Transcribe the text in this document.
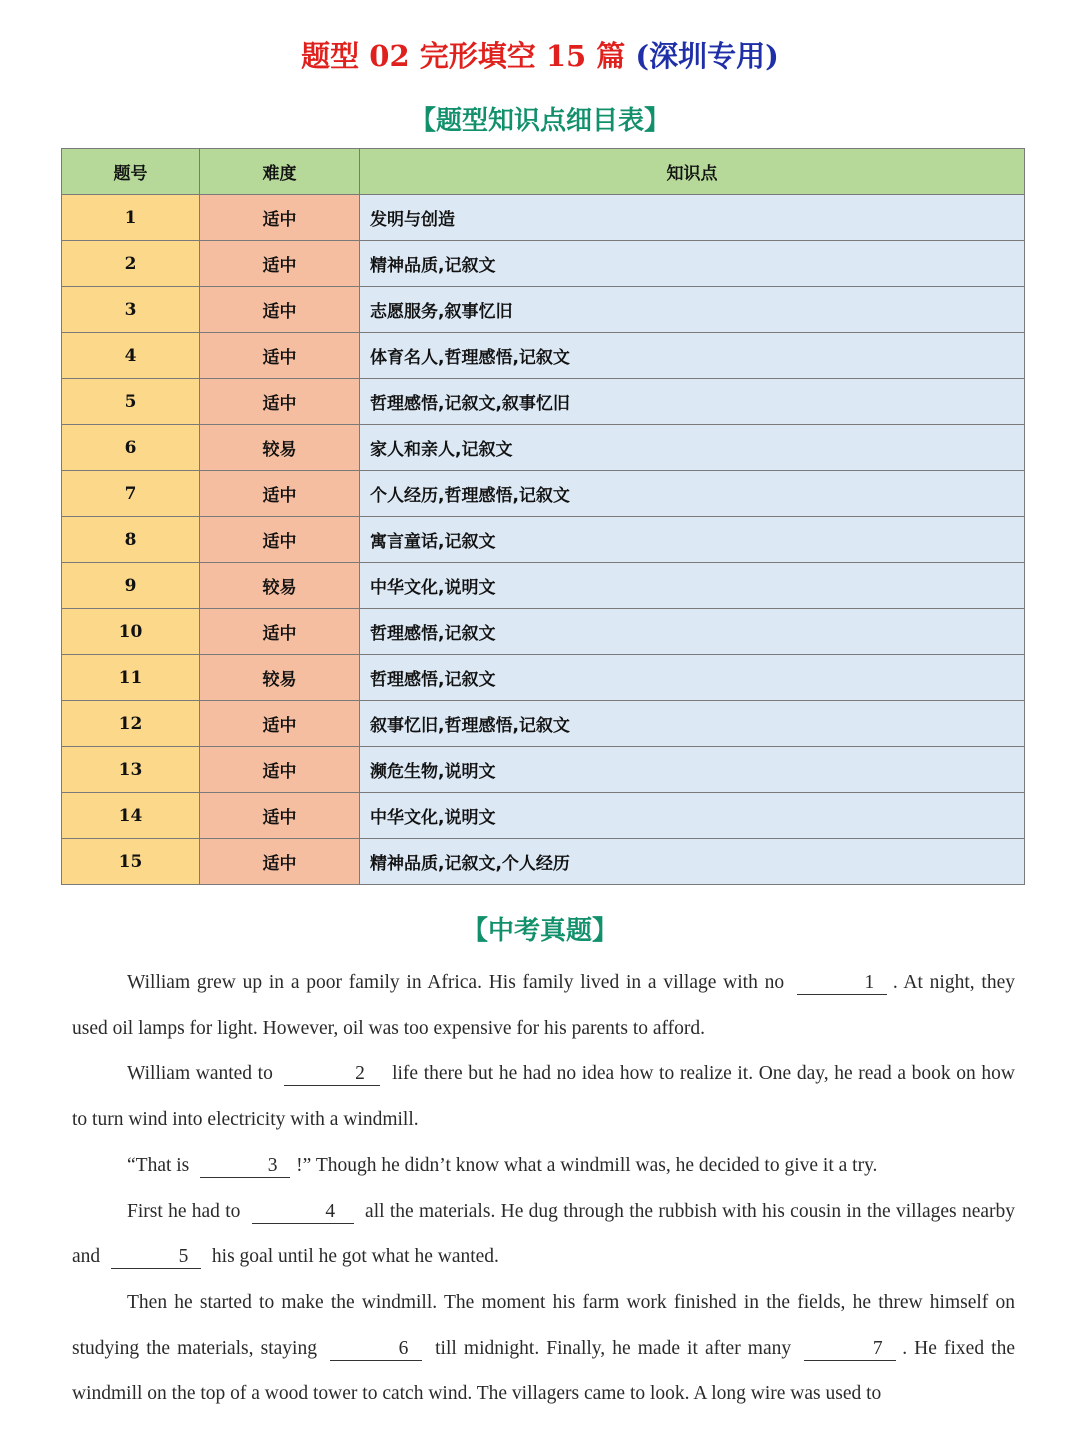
题型 02 完形填空 15 篇 (深圳专用)
【题型知识点细目表】
题号	难度	知识点
1	适中	发明与创造
2	适中	精神品质,记叙文
3	适中	志愿服务,叙事忆旧
4	适中	体育名人,哲理感悟,记叙文
5	适中	哲理感悟,记叙文,叙事忆旧
6	较易	家人和亲人,记叙文
7	适中	个人经历,哲理感悟,记叙文
8	适中	寓言童话,记叙文
9	较易	中华文化,说明文
10	适中	哲理感悟,记叙文
11	较易	哲理感悟,记叙文
12	适中	叙事忆旧,哲理感悟,记叙文
13	适中	濒危生物,说明文
14	适中	中华文化,说明文
15	适中	精神品质,记叙文,个人经历
【中考真题】

William grew up in a poor family in Africa. His family lived in a village with no	1 . At night, they used oil lamps for light. However, oil was too expensive for his parents to afford.

William wanted to	2 life there but he had no idea how to realize it. One day, he read a book on how to turn wind into electricity with a windmill.

“That is	3 !” Though he didn’t know what a windmill was, he decided to give it a try.

First he had to	4 all the materials. He dug through the rubbish with his cousin in the villages nearby and	5 his goal until he got what he wanted.

Then he started to make the windmill. The moment his farm work finished in the fields, he threw himself on studying the materials, staying	6 till midnight. Finally, he made it after many	7 . He fixed the windmill on the top of a wood tower to catch wind. The villagers came to look. A long wire was used to
